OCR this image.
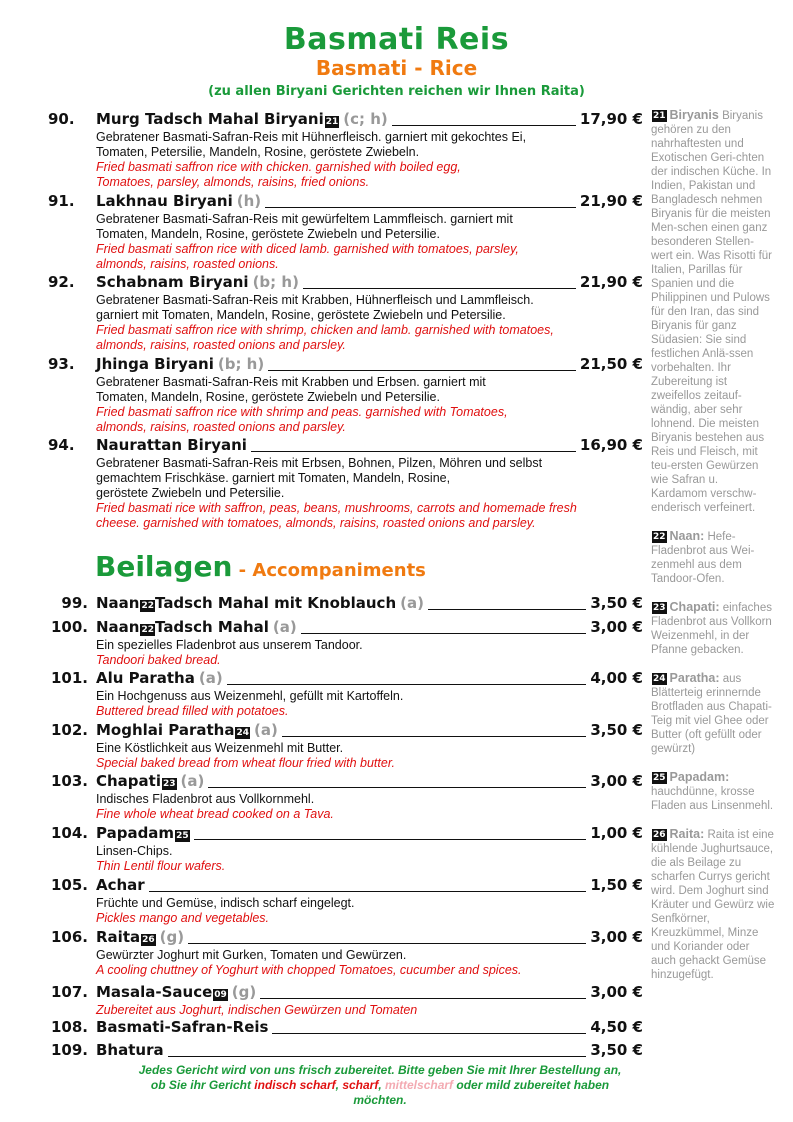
Basmati Reis
Basmati - Rice
(zu allen Biryani Gerichten reichen wir Ihnen Raita)
90.	Murg Tadsch Mahal Biryani 21 (c; h)	17,90 €
Gebratener Basmati-Safran-Reis mit Hühnerfleisch. garniert mit gekochtes Ei,
Tomaten, Petersilie, Mandeln, Rosine, geröstete Zwiebeln.
Fried basmati saffron rice with chicken. garnished with boiled egg,
Tomatoes, parsley, almonds, raisins, fried onions.
91.	Lakhnau Biryani (h)	21,90 €
Gebratener Basmati-Safran-Reis mit gewürfeltem Lammfleisch. garniert mit
Tomaten, Mandeln, Rosine, geröstete Zwiebeln und Petersilie.
Fried basmati saffron rice with diced lamb. garnished with tomatoes, parsley,
almonds, raisins, roasted onions.
92.	Schabnam Biryani (b; h)	21,90 €
Gebratener Basmati-Safran-Reis mit Krabben, Hühnerfleisch und Lammfleisch.
garniert mit Tomaten, Mandeln, Rosine, geröstete Zwiebeln und Petersilie.
Fried basmati saffron rice with shrimp, chicken and lamb. garnished with tomatoes,
almonds, raisins, roasted onions and parsley.
93.	Jhinga Biryani (b; h)	21,50 €
Gebratener Basmati-Safran-Reis mit Krabben und Erbsen. garniert mit
Tomaten, Mandeln, Rosine, geröstete Zwiebeln und Petersilie.
Fried basmati saffron rice with shrimp and peas. garnished with Tomatoes,
almonds, raisins, roasted onions and parsley.
94.	Naurattan Biryani	16,90 €
Gebratener Basmati-Safran-Reis mit Erbsen, Bohnen, Pilzen, Möhren und selbst
gemachtem Frischkäse. garniert mit Tomaten, Mandeln, Rosine,
geröstete Zwiebeln und Petersilie.
Fried basmati rice with saffron, peas, beans, mushrooms, carrots and homemade fresh
cheese. garnished with tomatoes, almonds, raisins, roasted onions and parsley.
99. Naan 22 Tadsch Mahal mit Knoblauch (a)	3,50 €
100. Naan 22 Tadsch Mahal (a)	3,00 €
Ein spezielles Fladenbrot aus unserem Tandoor.
Tandoori baked bread.
101. Alu Paratha (a)	4,00 €
Ein Hochgenuss aus Weizenmehl, gefüllt mit Kartoffeln.
Buttered bread filled with potatoes.
102. Moghlai Paratha 24 (a)	3,50 €
Eine Köstlichkeit aus Weizenmehl mit Butter.
Special baked bread from wheat flour fried with butter.
103. Chapati 23 (a)	3,00 €
Indisches Fladenbrot aus Vollkornmehl.
Fine whole wheat bread cooked on a Tava.
104. Papadam 25	1,00 €
Linsen-Chips.
Thin Lentil flour wafers.
105. Achar	1,50 €
Früchte und Gemüse, indisch scharf eingelegt.
Pickles mango and vegetables.
106. Raita 26 (g)	3,00 €
Gewürzter Joghurt mit Gurken, Tomaten und Gewürzen.
A cooling chuttney of Yoghurt with chopped Tomatoes, cucumber and spices.
107. Masala-Sauce 09 (g)	3,00 €
Zubereitet aus Joghurt, indischen Gewürzen und Tomaten
108. Basmati-Safran-Reis	4,50 €
109. Bhatura	3,50 €
Beilagen - Accompaniments
21 Biryanis Biryanis gehören zu den nahrhaftesten und Exotischen Geri-chten der indischen Küche. In Indien, Pakistan und Bangladesch nehmen Biryanis für die meisten Men-schen einen ganz besonderen Stellen-wert ein. Was Risotti für Italien, Parillas für Spanien und die Philippinen und Pulows für den Iran, das sind Biryanis für ganz Südasien: Sie sind festlichen Anlä-ssen vorbehalten. Ihr Zubereitung ist zweifellos zeitauf-wändig, aber sehr lohnend. Die meisten Biryanis bestehen aus Reis und Fleisch, mit teu-ersten Gewürzen wie Safran u. Kardamom verschw-enderisch verfeinert.
22 Naan: Hefe-Fladenbrot aus Wei-zenmehl aus dem Tandoor-Ofen.
23 Chapati: einfaches Fladenbrot aus Vollkorn Weizenmehl, in der Pfanne gebacken.
24 Paratha: aus Blätterteig erinnernde Brotfladen aus Chapati-Teig mit viel Ghee oder Butter (oft gefüllt oder gewürzt)
25 Papadam: hauchdünne, krosse Fladen aus Linsenmehl.
26 Raita: Raita ist eine kühlende Jughurtsauce, die als Beilage zu scharfen Currys gericht wird. Dem Joghurt sind Kräuter und Gewürz wie Senfkörner, Kreuzkümmel, Minze und Koriander oder auch gehackt Gemüse hinzugefügt.
Jedes Gericht wird von uns frisch zubereitet. Bitte geben Sie mit Ihrer Bestellung an, ob Sie ihr Gericht indisch scharf, scharf, mittelscharf oder mild zubereitet haben möchten.
